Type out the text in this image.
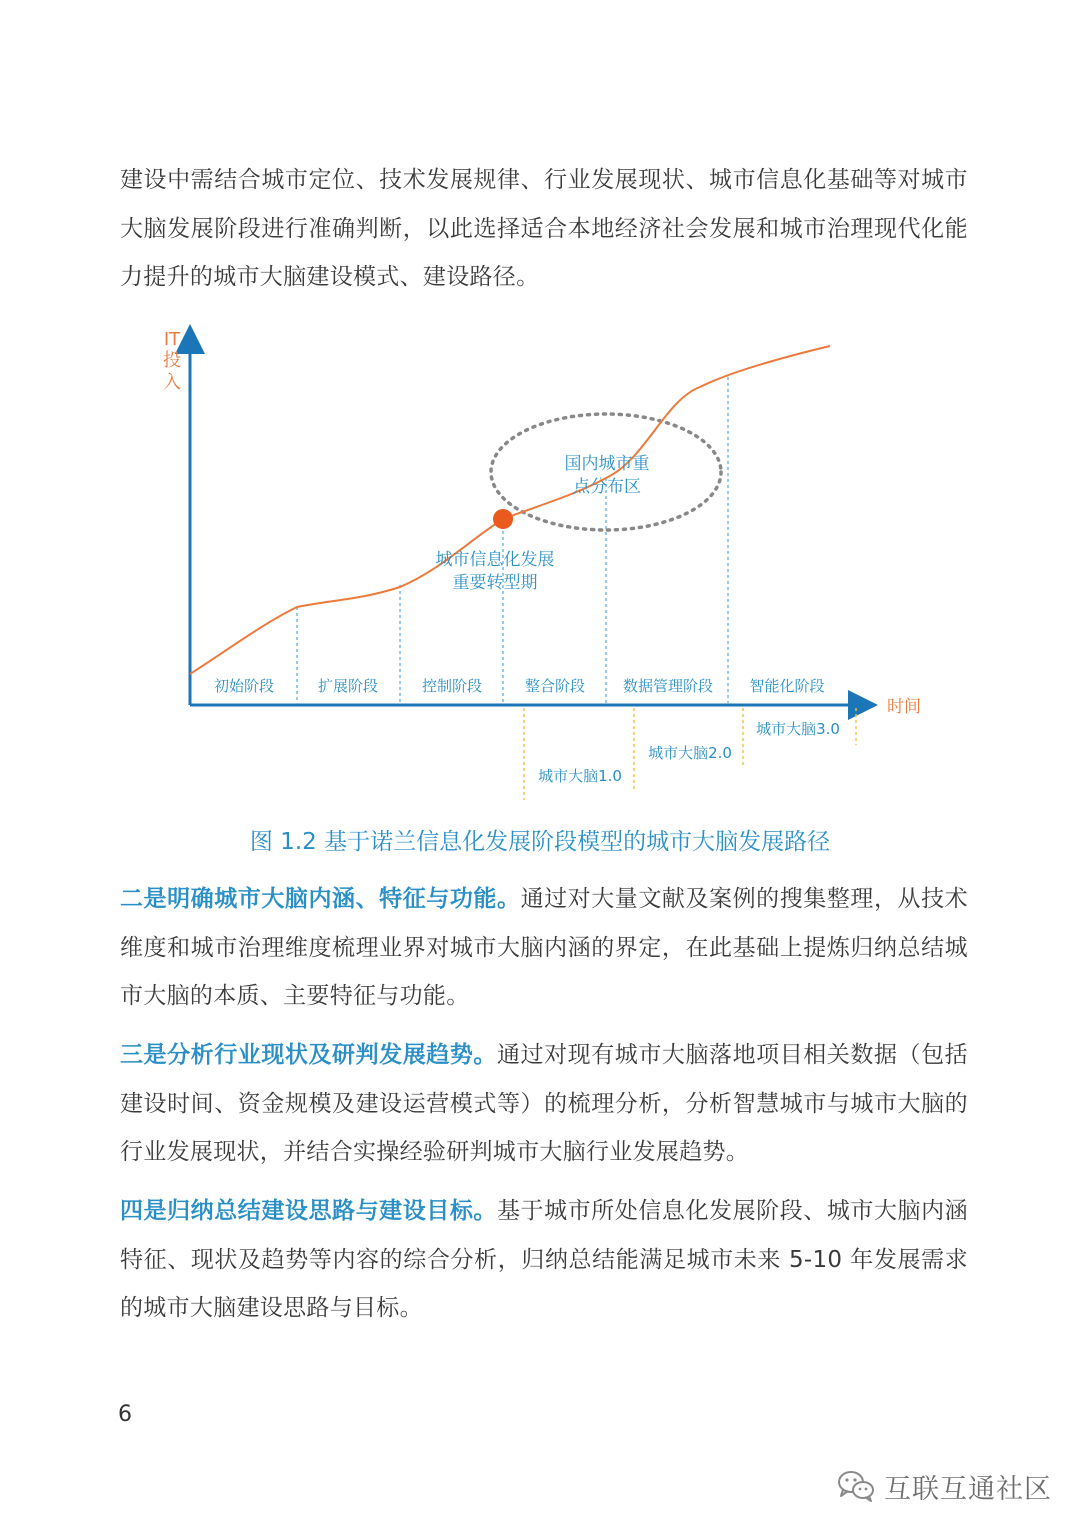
建设中需结合城市定位、技术发展规律、行业发展现状、城市信息化基础等对城市大脑发展阶段进行准确判断，以此选择适合本地经济社会发展和城市治理现代化能力提升的城市大脑建设模式、建设路径。

IT
投
入
时间
初始阶段	扩展阶段	控制阶段	整合阶段	数据管理阶段 智能化阶段
城市大脑1.0
城市大脑2.0
城市大脑3.0
国内城市重
点分布区
城市信息化发展
重要转型期

图 1.2 基于诺兰信息化发展阶段模型的城市大脑发展路径

二是明确城市大脑内涵、特征与功能。通过对大量文献及案例的搜集整理，从技术维度和城市治理维度梳理业界对城市大脑内涵的界定，在此基础上提炼归纳总结城市大脑的本质、主要特征与功能。

三是分析行业现状及研判发展趋势。通过对现有城市大脑落地项目相关数据（包括建设时间、资金规模及建设运营模式等）的梳理分析，分析智慧城市与城市大脑的行业发展现状，并结合实操经验研判城市大脑行业发展趋势。

四是归纳总结建设思路与建设目标。基于城市所处信息化发展阶段、城市大脑内涵特征、现状及趋势等内容的综合分析，归纳总结能满足城市未来 5-10 年发展需求的城市大脑建设思路与目标。

6
互联互通社区
